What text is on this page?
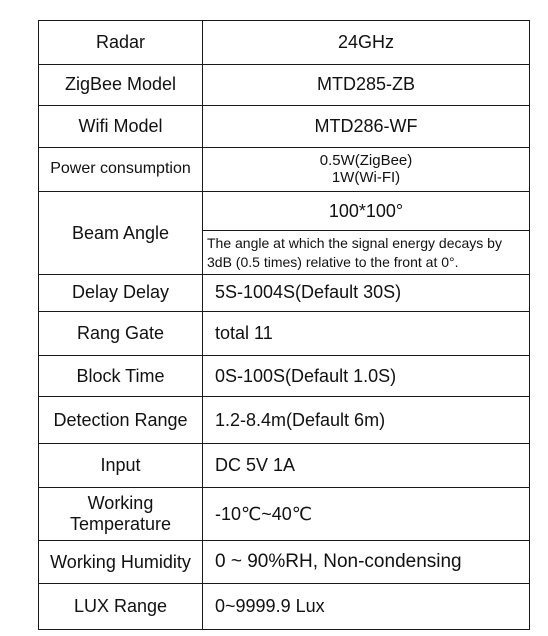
Radar	24GHz
ZigBee Model	MTD285-ZB
Wifi Model	MTD286-WF
Power consumption	0.5W(ZigBee)
1W(Wi-FI)

Beam Angle	100*100°
	The angle at which the signal energy decays by 3dB (0.5 times) relative to the front at 0°.
Delay Delay	5S-1004S(Default 30S)
Rang Gate	total 11
Block Time	0S-100S(Default 1.0S)
Detection Range	1.2-8.4m(Default 6m)
Input	DC 5V 1A

Working
Temperature	-10℃~40℃
Working Humidity	0 ~ 90%RH, Non-condensing
LUX Range	0~9999.9 Lux
